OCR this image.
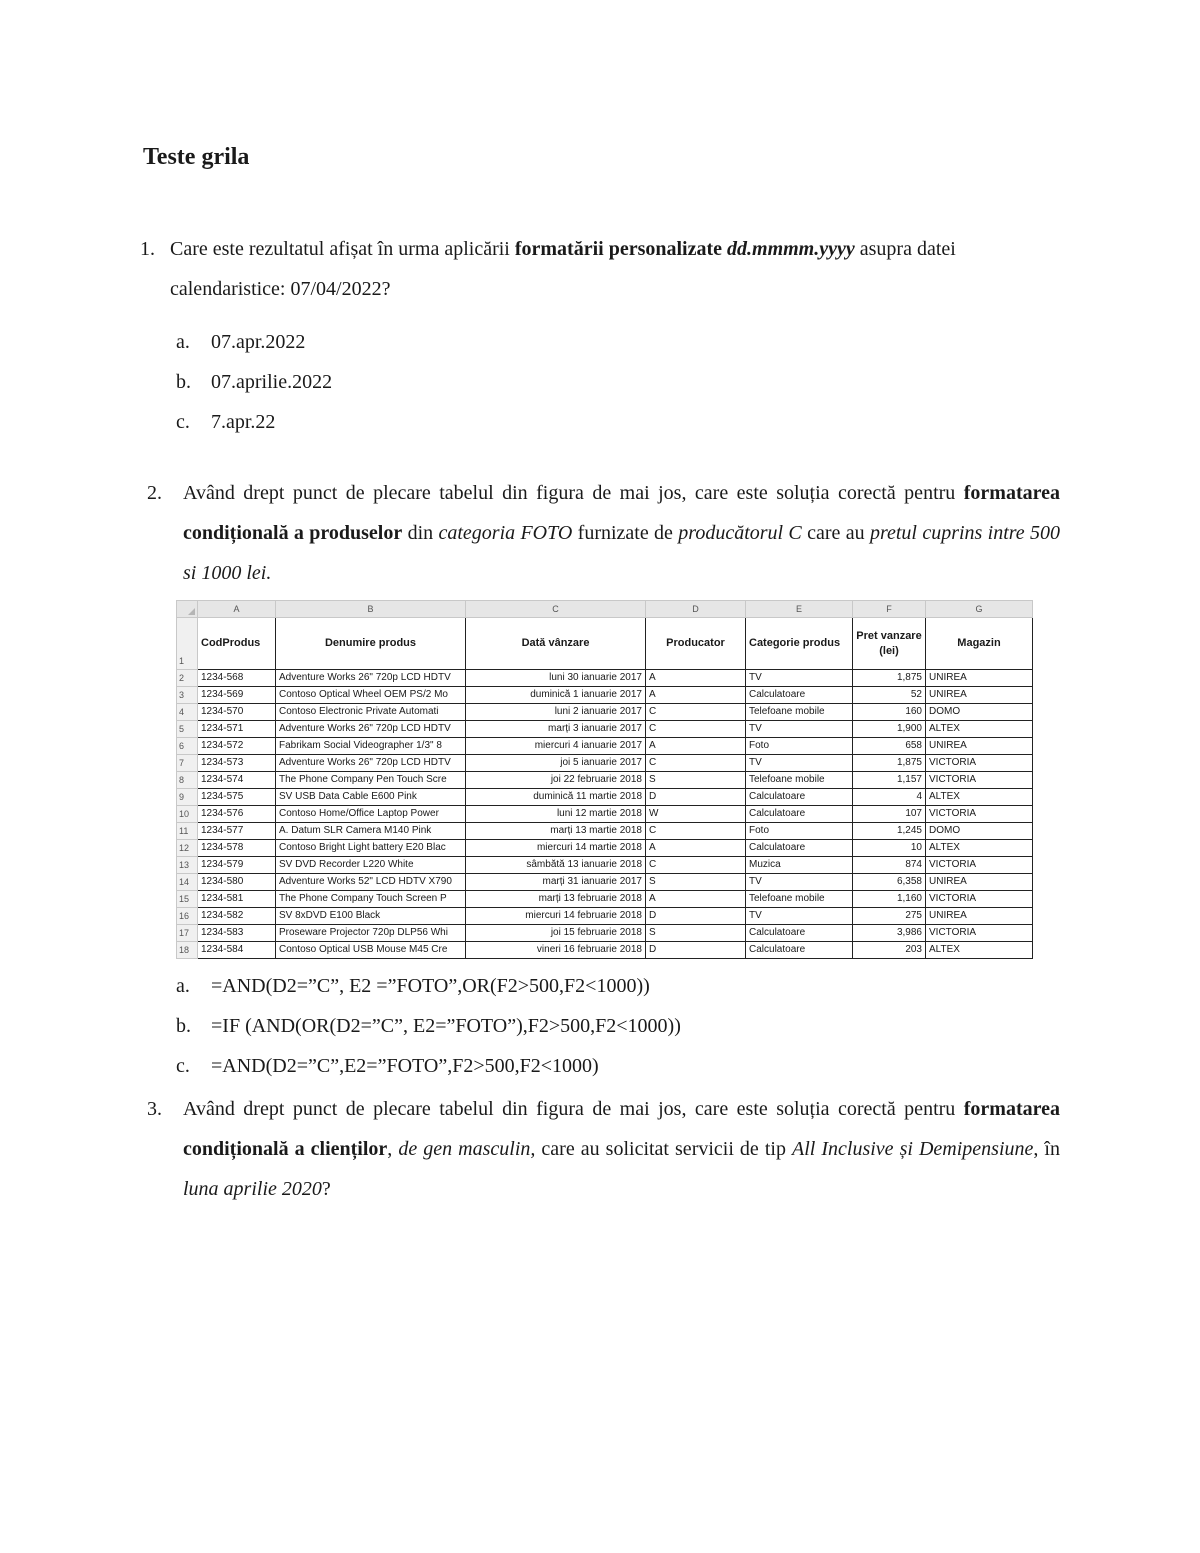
Teste grila
1. Care este rezultatul afișat în urma aplicării formatării personalizate dd.mmmm.yyyy asupra datei calendaristice: 07/04/2022?
a. 07.apr.2022
b. 07.aprilie.2022
c. 7.apr.22
2. Având drept punct de plecare tabelul din figura de mai jos, care este soluția corectă pentru formatarea condițională a produselor din categoria FOTO furnizate de producătorul C care au pretul cuprins intre 500 si 1000 lei.
	A	B	C	D	E	F	G
1	CodProdus	Denumire produs	Dată vânzare	Producator	Categorie produs	Pret vanzare (lei)	Magazin
2	1234-568	Adventure Works 26" 720p LCD HDTV	luni 30 ianuarie 2017	A	TV	1,875	UNIREA
3	1234-569	Contoso Optical Wheel OEM PS/2 Mo	duminică 1 ianuarie 2017	A	Calculatoare	52	UNIREA
4	1234-570	Contoso Electronic Private Automati	luni 2 ianuarie 2017	C	Telefoane mobile	160	DOMO
5	1234-571	Adventure Works 26" 720p LCD HDTV	marți 3 ianuarie 2017	C	TV	1,900	ALTEX
6	1234-572	Fabrikam Social Videographer 1/3" 8	miercuri 4 ianuarie 2017	A	Foto	658	UNIREA
7	1234-573	Adventure Works 26" 720p LCD HDTV	joi 5 ianuarie 2017	C	TV	1,875	VICTORIA
8	1234-574	The Phone Company Pen Touch Scre	joi 22 februarie 2018	S	Telefoane mobile	1,157	VICTORIA
9	1234-575	SV USB Data Cable E600 Pink	duminică 11 martie 2018	D	Calculatoare	4	ALTEX
10	1234-576	Contoso Home/Office Laptop Power	luni 12 martie 2018	W	Calculatoare	107	VICTORIA
11	1234-577	A. Datum SLR Camera M140 Pink	marți 13 martie 2018	C	Foto	1,245	DOMO
12	1234-578	Contoso Bright Light battery E20 Blac	miercuri 14 martie 2018	A	Calculatoare	10	ALTEX
13	1234-579	SV DVD Recorder L220 White	sâmbătă 13 ianuarie 2018	C	Muzica	874	VICTORIA
14	1234-580	Adventure Works 52" LCD HDTV X790	marți 31 ianuarie 2017	S	TV	6,358	UNIREA
15	1234-581	The Phone Company Touch Screen P	marți 13 februarie 2018	A	Telefoane mobile	1,160	VICTORIA
16	1234-582	SV 8xDVD E100 Black	miercuri 14 februarie 2018	D	TV	275	UNIREA
17	1234-583	Proseware Projector 720p DLP56 Whi	joi 15 februarie 2018	S	Calculatoare	3,986	VICTORIA
18	1234-584	Contoso Optical USB Mouse M45 Cre	vineri 16 februarie 2018	D	Calculatoare	203	ALTEX
a. =AND(D2=”C”, E2 =”FOTO”,OR(F2>500,F2<1000))
b. =IF (AND(OR(D2=”C”, E2=”FOTO”),F2>500,F2<1000))
c. =AND(D2=”C”,E2=”FOTO”,F2>500,F2<1000)
3. Având drept punct de plecare tabelul din figura de mai jos, care este soluția corectă pentru formatarea condițională a clienților, de gen masculin, care au solicitat servicii de tip All Inclusive și Demipensiune, în luna aprilie 2020?
